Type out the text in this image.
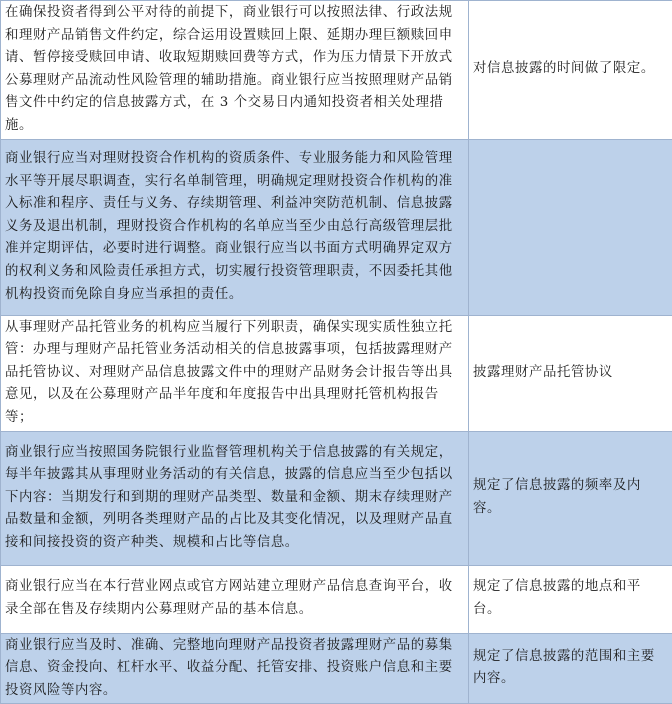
在确保投资者得到公平对待的前提下，商业银行可以按照法律、行政法规和理财产品销售文件约定，综合运用设置赎回上限、延期办理巨额赎回申请、暂停接受赎回申请、收取短期赎回费等方式，作为压力情景下开放式公募理财产品流动性风险管理的辅助措施。商业银行应当按照理财产品销售文件中约定的信息披露方式，在 3 个交易日内通知投资者相关处理措施。	对信息披露的时间做了限定。
商业银行应当对理财投资合作机构的资质条件、专业服务能力和风险管理水平等开展尽职调查，实行名单制管理，明确规定理财投资合作机构的准入标准和程序、责任与义务、存续期管理、利益冲突防范机制、信息披露义务及退出机制，理财投资合作机构的名单应当至少由总行高级管理层批准并定期评估，必要时进行调整。商业银行应当以书面方式明确界定双方的权利义务和风险责任承担方式，切实履行投资管理职责，不因委托其他机构投资而免除自身应当承担的责任。	
从事理财产品托管业务的机构应当履行下列职责，确保实现实质性独立托管：办理与理财产品托管业务活动相关的信息披露事项，包括披露理财产品托管协议、对理财产品信息披露文件中的理财产品财务会计报告等出具意见，以及在公募理财产品半年度和年度报告中出具理财托管机构报告等；	披露理财产品托管协议
商业银行应当按照国务院银行业监督管理机构关于信息披露的有关规定，每半年披露其从事理财业务活动的有关信息，披露的信息应当至少包括以下内容：当期发行和到期的理财产品类型、数量和金额、期末存续理财产品数量和金额，列明各类理财产品的占比及其变化情况，以及理财产品直接和间接投资的资产种类、规模和占比等信息。	规定了信息披露的频率及内容。
商业银行应当在本行营业网点或官方网站建立理财产品信息查询平台，收录全部在售及存续期内公募理财产品的基本信息。	规定了信息披露的地点和平台。
商业银行应当及时、准确、完整地向理财产品投资者披露理财产品的募集信息、资金投向、杠杆水平、收益分配、托管安排、投资账户信息和主要投资风险等内容。	规定了信息披露的范围和主要内容。
